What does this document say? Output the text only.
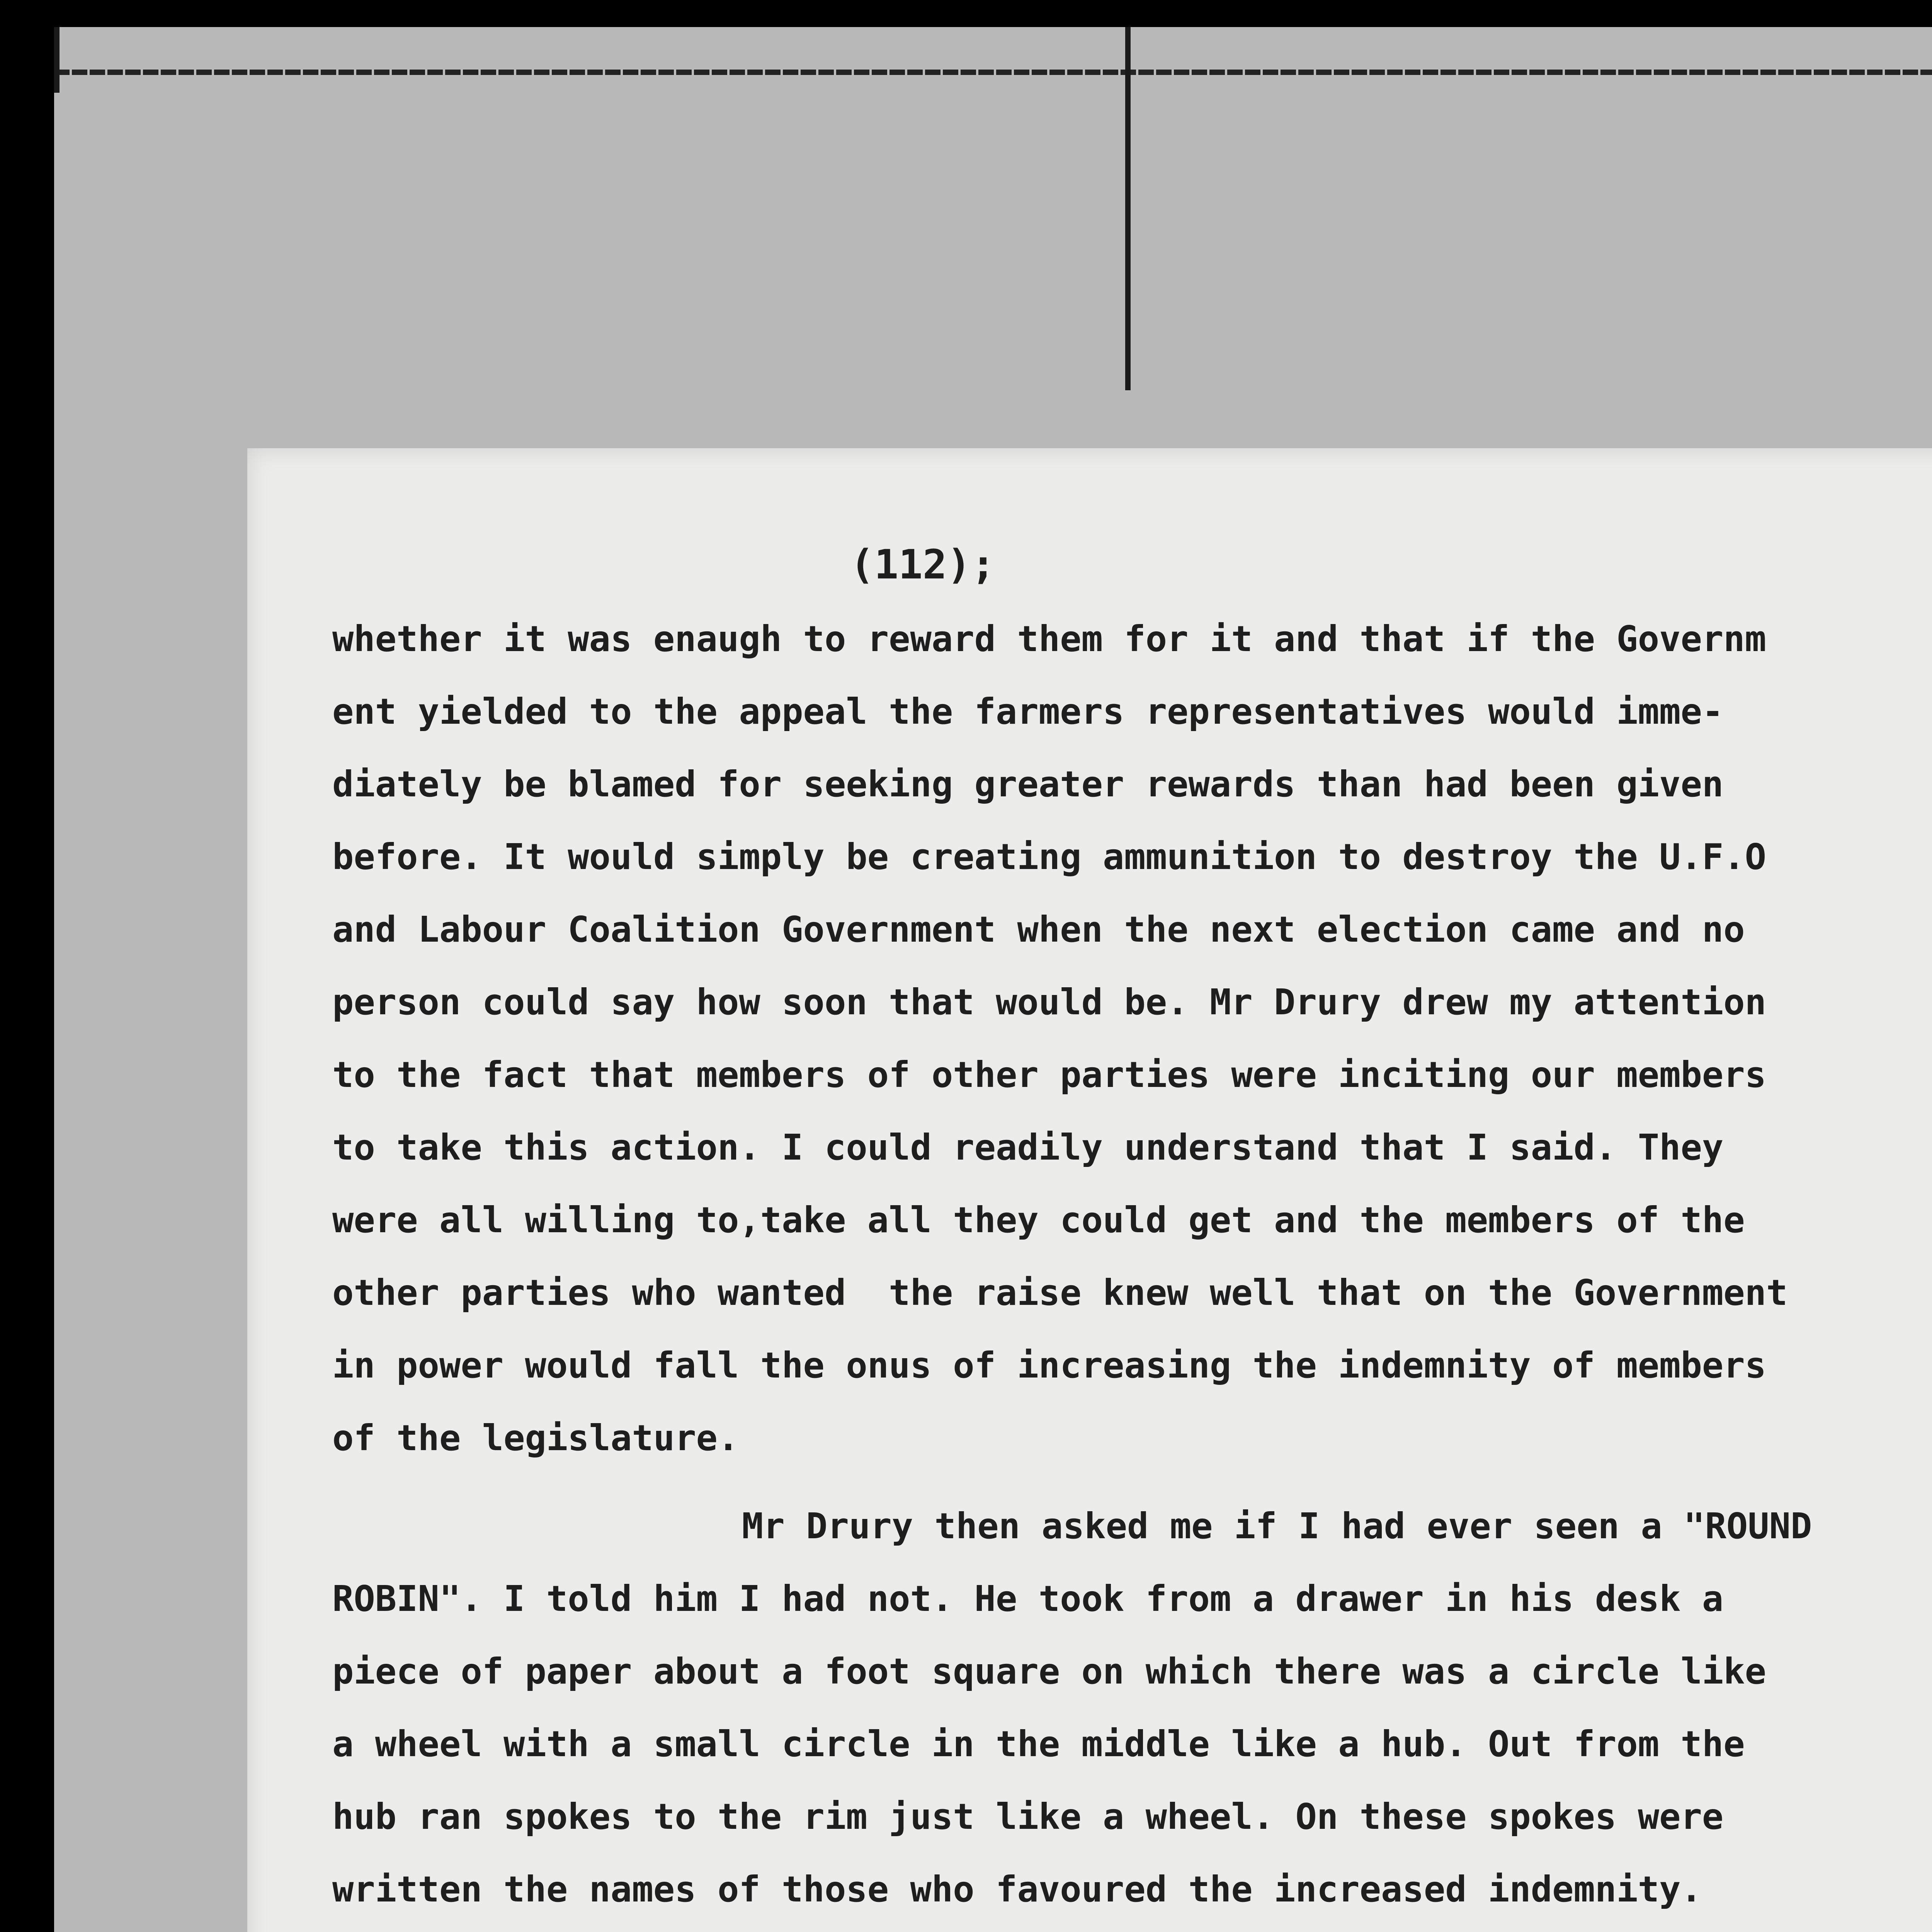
(112);
whether it was enaugh to reward them for it and that if the Governm
ent yielded to the appeal the farmers representatives would imme-
diately be blamed for seeking greater rewards than had been given
before. It would simply be creating ammunition to destroy the U.F.O
and Labour Coalition Government when the next election came and no
person could say how soon that would be. Mr Drury drew my attention
to the fact that members of other parties were inciting our members
to take this action. I could readily understand that I said. They
were all willing to,take all they could get and the members of the
other parties who wanted  the raise knew well that on the Government
in power would fall the onus of increasing the indemnity of members
of the legislature.
Mr Drury then asked me if I had ever seen a "ROUND
ROBIN". I told him I had not. He took from a drawer in his desk a
piece of paper about a foot square on which there was a circle like
a wheel with a small circle in the middle like a hub. Out from the
hub ran spokes to the rim just like a wheel. On these spokes were
written the names of those who favoured the increased indemnity.
